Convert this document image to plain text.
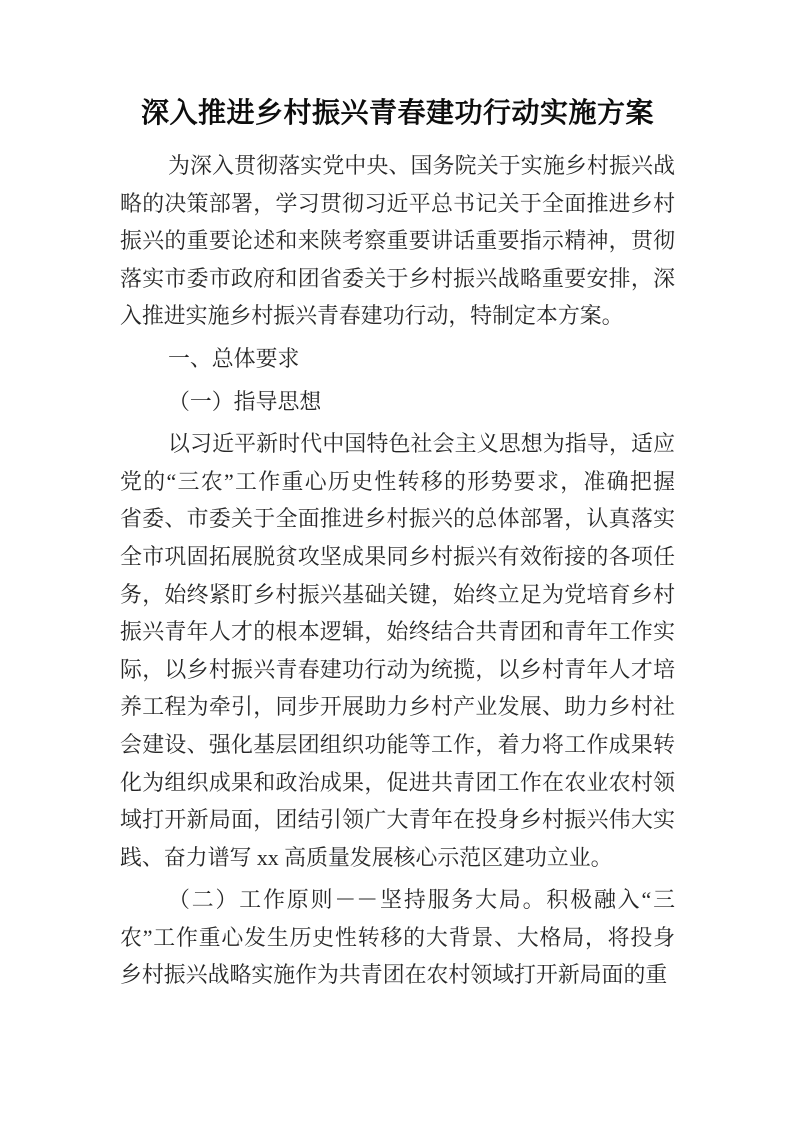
深入推进乡村振兴青春建功行动实施方案
为深入贯彻落实党中央、国务院关于实施乡村振兴战
略的决策部署，学习贯彻习近平总书记关于全面推进乡村
振兴的重要论述和来陕考察重要讲话重要指示精神，贯彻
落实市委市政府和团省委关于乡村振兴战略重要安排，深
入推进实施乡村振兴青春建功行动，特制定本方案。
一、总体要求
（一）指导思想
以习近平新时代中国特色社会主义思想为指导，适应
党的“三农”工作重心历史性转移的形势要求，准确把握
省委、市委关于全面推进乡村振兴的总体部署，认真落实
全市巩固拓展脱贫攻坚成果同乡村振兴有效衔接的各项任
务，始终紧盯乡村振兴基础关键，始终立足为党培育乡村
振兴青年人才的根本逻辑，始终结合共青团和青年工作实
际，以乡村振兴青春建功行动为统揽，以乡村青年人才培
养工程为牵引，同步开展助力乡村产业发展、助力乡村社
会建设、强化基层团组织功能等工作，着力将工作成果转
化为组织成果和政治成果，促进共青团工作在农业农村领
域打开新局面，团结引领广大青年在投身乡村振兴伟大实
践、奋力谱写 xx 高质量发展核心示范区建功立业。
（二）工作原则－－坚持服务大局。积极融入“三
农”工作重心发生历史性转移的大背景、大格局，将投身
乡村振兴战略实施作为共青团在农村领域打开新局面的重
